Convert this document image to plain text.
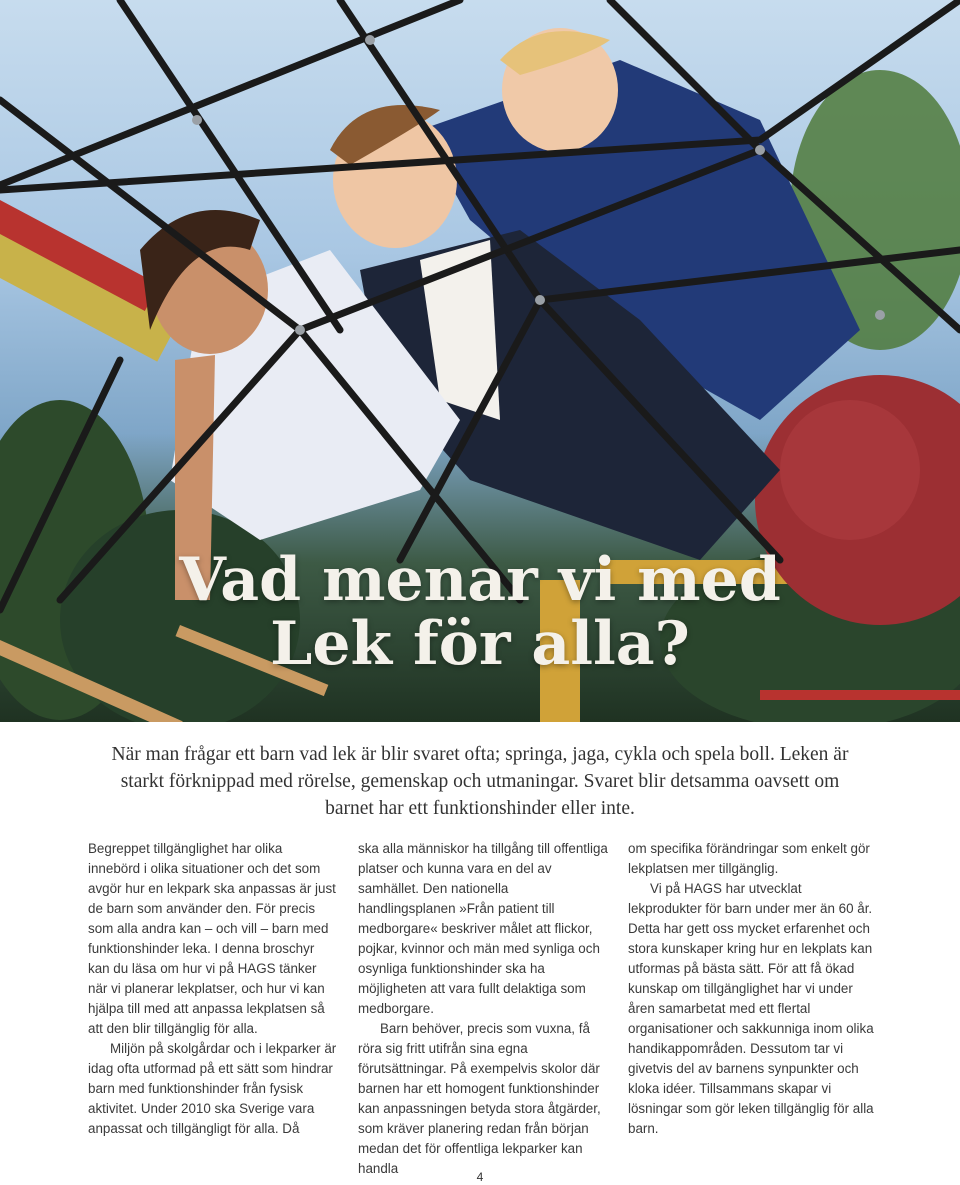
Vad menar vi med
Lek för alla?

När man frågar ett barn vad lek är blir svaret ofta; springa, jaga, cykla och spela boll. Leken är starkt förknippad med rörelse, gemenskap och utmaningar. Svaret blir detsamma oavsett om barnet har ett funktionshinder eller inte.

Begreppet tillgänglighet har olika innebörd i olika situationer och det som avgör hur en lekpark ska anpassas är just de barn som använder den. För precis som alla andra kan – och vill – barn med funktionshinder leka. I denna broschyr kan du läsa om hur vi på HAGS tänker när vi planerar lekplatser, och hur vi kan hjälpa till med att anpassa lekplatsen så att den blir tillgänglig för alla.

Miljön på skolgårdar och i lekparker är idag ofta utformad på ett sätt som hindrar barn med funktionshinder från fysisk aktivitet. Under 2010 ska Sverige vara anpassat och tillgängligt för alla. Då

ska alla människor ha tillgång till offentliga platser och kunna vara en del av samhället. Den nationella handlingsplanen »Från patient till medborgare« beskriver målet att flickor, pojkar, kvinnor och män med synliga och osynliga funktionshinder ska ha möjligheten att vara fullt delaktiga som medborgare.

Barn behöver, precis som vuxna, få röra sig fritt utifrån sina egna förutsättningar. På exempelvis skolor där barnen har ett homogent funktionshinder kan anpassningen betyda stora åtgärder, som kräver planering redan från början medan det för offentliga lekparker kan handla

om specifika förändringar som enkelt gör lekplatsen mer tillgänglig.

Vi på HAGS har utvecklat lekprodukter för barn under mer än 60 år. Detta har gett oss mycket erfarenhet och stora kunskaper kring hur en lekplats kan utformas på bästa sätt. För att få ökad kunskap om tillgänglighet har vi under åren samarbetat med ett flertal organisationer och sakkunniga inom olika handikappområden. Dessutom tar vi givetvis del av barnens synpunkter och kloka idéer. Tillsammans skapar vi lösningar som gör leken tillgänglig för alla barn.

4
